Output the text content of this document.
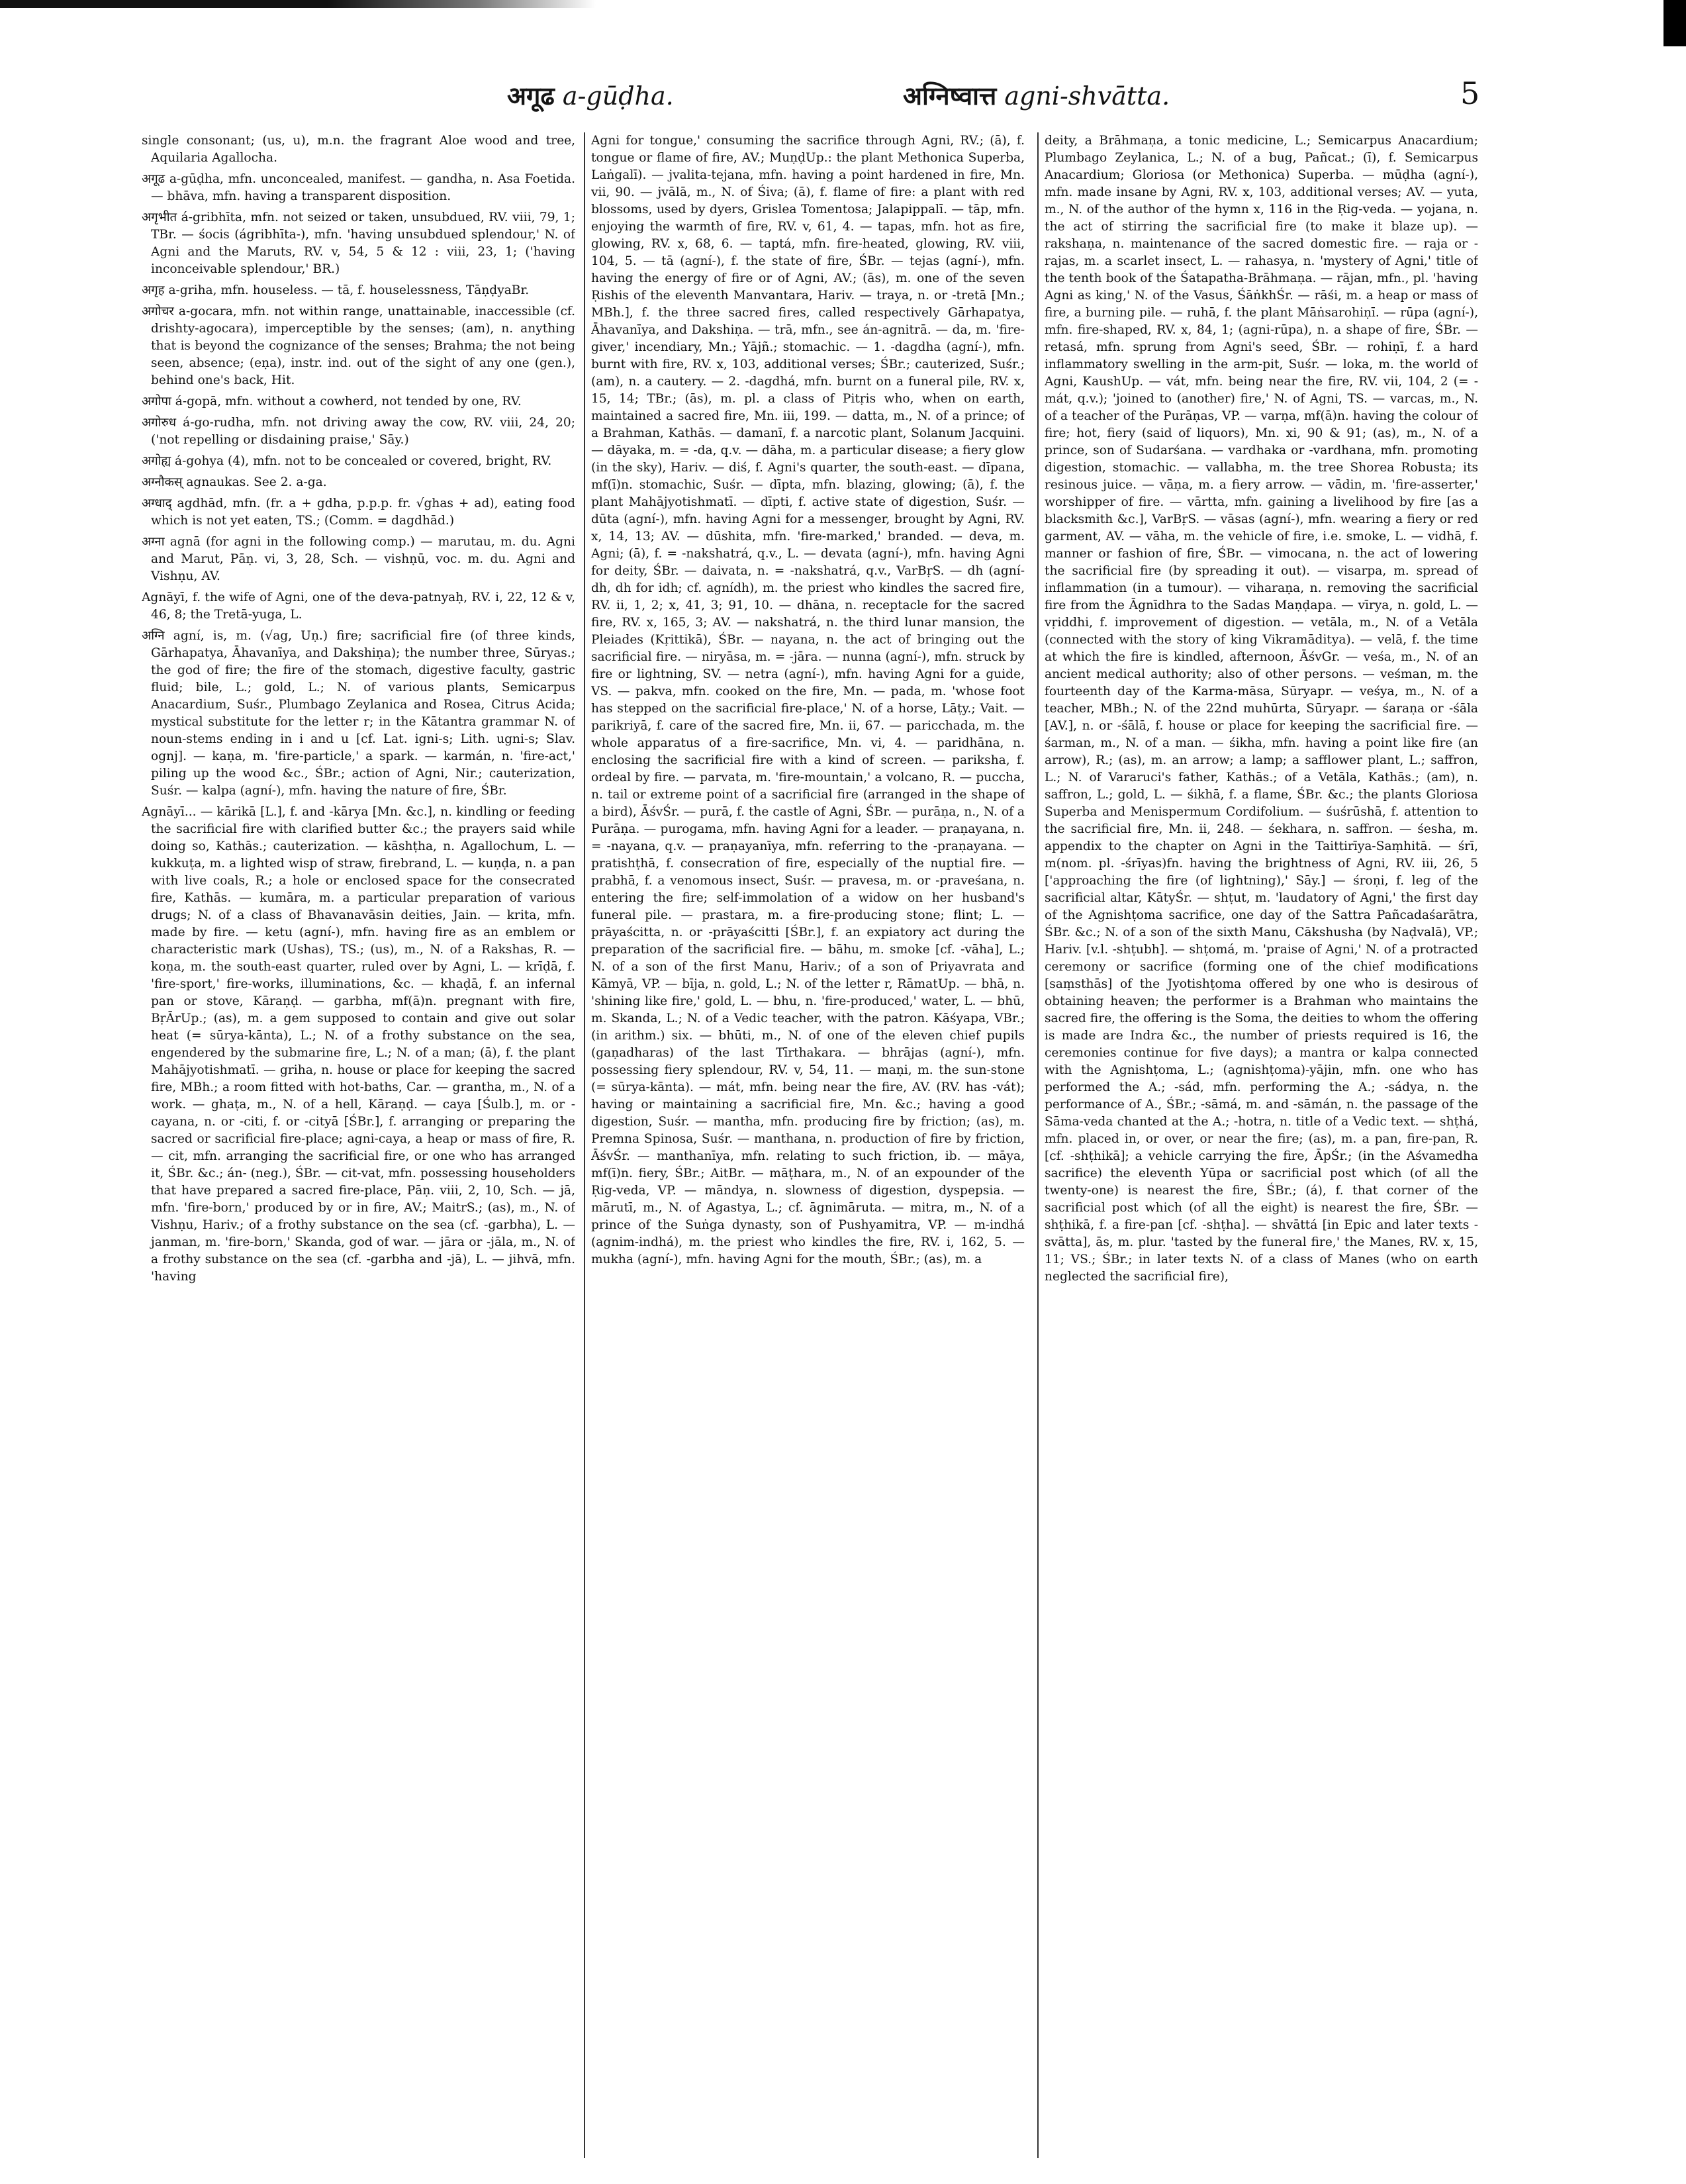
अगूढ a-gūḍha.	अग्निष्वात्त agni-shvātta.	5

single consonant; (us, u), m.n. the fragrant Aloe wood and tree, Aquilaria Agallocha.

अगूढ a-gūḍha, mfn. unconcealed, manifest. — gandha, n. Asa Foetida. — bhāva, mfn. having a transparent disposition.

अगृभीत á-gribhīta, mfn. not seized or taken, unsubdued, RV. viii, 79, 1; TBr. — śocis (ágribhīta-), mfn. 'having unsubdued splendour,' N. of Agni and the Maruts, RV. v, 54, 5 & 12 : viii, 23, 1; ('having inconceivable splendour,' BR.)

अगृह a-griha, mfn. houseless. — tā, f. houselessness, TāṇḍyaBr.

अगोचर a-gocara, mfn. not within range, unattainable, inaccessible (cf. drishty-agocara), imperceptible by the senses; (am), n. anything that is beyond the cognizance of the senses; Brahma; the not being seen, absence; (eṇa), instr. ind. out of the sight of any one (gen.), behind one's back, Hit.

अगोपा á-gopā, mfn. without a cowherd, not tended by one, RV.

अगोरुध á-go-rudha, mfn. not driving away the cow, RV. viii, 24, 20; ('not repelling or disdaining praise,' Sāy.)

अगोह्य á-gohya (4), mfn. not to be concealed or covered, bright, RV.

अग्नौकस् agnaukas. See 2. a-ga.

अग्धाद् agdhād, mfn. (fr. a + gdha, p.p.p. fr. √ghas + ad), eating food which is not yet eaten, TS.; (Comm. = dagdhād.)

अग्ना agnā (for agni in the following comp.) — marutau, m. du. Agni and Marut, Pāṇ. vi, 3, 28, Sch. — vishṇū, voc. m. du. Agni and Vishṇu, AV.

Agnāyī, f. the wife of Agni, one of the deva-patnyaḥ, RV. i, 22, 12 & v, 46, 8; the Tretā-yuga, L.

अग्नि agní, is, m. (√ag, Uṇ.) fire; sacrificial fire (of three kinds, Gārhapatya, Āhavanīya, and Dakshiṇa); the number three, Sūryas.; the god of fire; the fire of the stomach, digestive faculty, gastric fluid; bile, L.; gold, L.; N. of various plants, Semicarpus Anacardium, Suśr., Plumbago Zeylanica and Rosea, Citrus Acida; mystical substitute for the letter r; in the Kātantra grammar N. of noun-stems ending in i and u [cf. Lat. igni-s; Lith. ugni-s; Slav. ognj]. — kaṇa, m. 'fire-particle,' a spark. — karmán, n. 'fire-act,' piling up the wood &c., ŚBr.; action of Agni, Nir.; cauterization, Suśr. — kalpa (agní-), mfn. having the nature of fire, ŚBr.

Agnāyī... — kārikā [L.], f. and -kārya [Mn. &c.], n. kindling or feeding the sacrificial fire with clarified butter &c.; the prayers said while doing so, Kathās.; cauterization. — kāshṭha, n. Agallochum, L. — kukkuṭa, m. a lighted wisp of straw, firebrand, L. — kuṇḍa, n. a pan with live coals, R.; a hole or enclosed space for the consecrated fire, Kathās. — kumāra, m. a particular preparation of various drugs; N. of a class of Bhavanavāsin deities, Jain. — krita, mfn. made by fire. — ketu (agní-), mfn. having fire as an emblem or characteristic mark (Ushas), TS.; (us), m., N. of a Rakshas, R. — koṇa, m. the south-east quarter, ruled over by Agni, L. — krīḍā, f. 'fire-sport,' fire-works, illuminations, &c. — khaḍā, f. an infernal pan or stove, Kāraṇḍ. — garbha, mf(ā)n. pregnant with fire, BṛĀrUp.; (as), m. a gem supposed to contain and give out solar heat (= sūrya-kānta), L.; N. of a frothy substance on the sea, engendered by the submarine fire, L.; N. of a man; (ā), f. the plant Mahājyotishmatī. — griha, n. house or place for keeping the sacred fire, MBh.; a room fitted with hot-baths, Car. — grantha, m., N. of a work. — ghaṭa, m., N. of a hell, Kāraṇḍ. — caya [Śulb.], m. or -cayana, n. or -citi, f. or -cityā [ŚBr.], f. arranging or preparing the sacred or sacrificial fire-place; agni-caya, a heap or mass of fire, R. — cit, mfn. arranging the sacrificial fire, or one who has arranged it, ŚBr. &c.; án- (neg.), ŚBr. — cit-vat, mfn. possessing householders that have prepared a sacred fire-place, Pāṇ. viii, 2, 10, Sch. — jā, mfn. 'fire-born,' produced by or in fire, AV.; MaitrS.; (as), m., N. of Vishṇu, Hariv.; of a frothy substance on the sea (cf. -garbha), L. — janman, m. 'fire-born,' Skanda, god of war. — jāra or -jāla, m., N. of a frothy substance on the sea (cf. -garbha and -jā), L. — jihvā, mfn. 'having

Agni for tongue,' consuming the sacrifice through Agni, RV.; (ā), f. tongue or flame of fire, AV.; MuṇḍUp.: the plant Methonica Superba, Laṅgalī). — jvalita-tejana, mfn. having a point hardened in fire, Mn. vii, 90. — jvālā, m., N. of Śiva; (ā), f. flame of fire: a plant with red blossoms, used by dyers, Grislea Tomentosa; Jalapippalī. — tāp, mfn. enjoying the warmth of fire, RV. v, 61, 4. — tapas, mfn. hot as fire, glowing, RV. x, 68, 6. — taptá, mfn. fire-heated, glowing, RV. viii, 104, 5. — tā (agní-), f. the state of fire, ŚBr. — tejas (agní-), mfn. having the energy of fire or of Agni, AV.; (ās), m. one of the seven Ṛishis of the eleventh Manvantara, Hariv. — traya, n. or -tretā [Mn.; MBh.], f. the three sacred fires, called respectively Gārhapatya, Āhavanīya, and Dakshiṇa. — trā, mfn., see án-agnitrā. — da, m. 'fire-giver,' incendiary, Mn.; Yājñ.; stomachic. — 1. -dagdha (agní-), mfn. burnt with fire, RV. x, 103, additional verses; ŚBr.; cauterized, Suśr.; (am), n. a cautery. — 2. -dagdhá, mfn. burnt on a funeral pile, RV. x, 15, 14; TBr.; (ās), m. pl. a class of Pitṛis who, when on earth, maintained a sacred fire, Mn. iii, 199. — datta, m., N. of a prince; of a Brahman, Kathās. — damanī, f. a narcotic plant, Solanum Jacquini. — dāyaka, m. = -da, q.v. — dāha, m. a particular disease; a fiery glow (in the sky), Hariv. — diś, f. Agni's quarter, the south-east. — dīpana, mf(ī)n. stomachic, Suśr. — dīpta, mfn. blazing, glowing; (ā), f. the plant Mahājyotishmatī. — dīpti, f. active state of digestion, Suśr. — dūta (agní-), mfn. having Agni for a messenger, brought by Agni, RV. x, 14, 13; AV. — dūshita, mfn. 'fire-marked,' branded. — deva, m. Agni; (ā), f. = -nakshatrá, q.v., L. — devata (agní-), mfn. having Agni for deity, ŚBr. — daivata, n. = -nakshatrá, q.v., VarBṛS. — dh (agní-dh, dh for idh; cf. agnídh), m. the priest who kindles the sacred fire, RV. ii, 1, 2; x, 41, 3; 91, 10. — dhāna, n. receptacle for the sacred fire, RV. x, 165, 3; AV. — nakshatrá, n. the third lunar mansion, the Pleiades (Kṛittikā), ŚBr. — nayana, n. the act of bringing out the sacrificial fire. — niryāsa, m. = -jāra. — nunna (agní-), mfn. struck by fire or lightning, SV. — netra (agní-), mfn. having Agni for a guide, VS. — pakva, mfn. cooked on the fire, Mn. — pada, m. 'whose foot has stepped on the sacrificial fire-place,' N. of a horse, Lāṭy.; Vait. — parikriyā, f. care of the sacred fire, Mn. ii, 67. — paricchada, m. the whole apparatus of a fire-sacrifice, Mn. vi, 4. — paridhāna, n. enclosing the sacrificial fire with a kind of screen. — pariksha, f. ordeal by fire. — parvata, m. 'fire-mountain,' a volcano, R. — puccha, n. tail or extreme point of a sacrificial fire (arranged in the shape of a bird), ĀśvŚr. — purā, f. the castle of Agni, ŚBr. — purāṇa, n., N. of a Purāṇa. — purogama, mfn. having Agni for a leader. — praṇayana, n. = -nayana, q.v. — praṇayanīya, mfn. referring to the -praṇayana. — pratishṭhā, f. consecration of fire, especially of the nuptial fire. — prabhā, f. a venomous insect, Suśr. — pravesa, m. or -praveśana, n. entering the fire; self-immolation of a widow on her husband's funeral pile. — prastara, m. a fire-producing stone; flint; L. — prāyaścitta, n. or -prāyaścitti [ŚBr.], f. an expiatory act during the preparation of the sacrificial fire. — bāhu, m. smoke [cf. -vāha], L.; N. of a son of the first Manu, Hariv.; of a son of Priyavrata and Kāmyā, VP. — bīja, n. gold, L.; N. of the letter r, RāmatUp. — bhā, n. 'shining like fire,' gold, L. — bhu, n. 'fire-produced,' water, L. — bhū, m. Skanda, L.; N. of a Vedic teacher, with the patron. Kāśyapa, VBr.; (in arithm.) six. — bhūti, m., N. of one of the eleven chief pupils (gaṇadharas) of the last Tīrthakara. — bhrājas (agní-), mfn. possessing fiery splendour, RV. v, 54, 11. — maṇi, m. the sun-stone (= sūrya-kānta). — mát, mfn. being near the fire, AV. (RV. has -vát); having or maintaining a sacrificial fire, Mn. &c.; having a good digestion, Suśr. — mantha, mfn. producing fire by friction; (as), m. Premna Spinosa, Suśr. — manthana, n. production of fire by friction, ĀśvŚr. — manthanīya, mfn. relating to such friction, ib. — māya, mf(ī)n. fiery, ŚBr.; AitBr. — māṭhara, m., N. of an expounder of the Ṛig-veda, VP. — māndya, n. slowness of digestion, dyspepsia. — mārutī, m., N. of Agastya, L.; cf. āgnimāruta. — mitra, m., N. of a prince of the Suṅga dynasty, son of Pushyamitra, VP. — m-indhá (agnim-indhá), m. the priest who kindles the fire, RV. i, 162, 5. — mukha (agní-), mfn. having Agni for the mouth, ŚBr.; (as), m. a

deity, a Brāhmaṇa, a tonic medicine, L.; Semicarpus Anacardium; Plumbago Zeylanica, L.; N. of a bug, Pañcat.; (ī), f. Semicarpus Anacardium; Gloriosa (or Methonica) Superba. — mūḍha (agní-), mfn. made insane by Agni, RV. x, 103, additional verses; AV. — yuta, m., N. of the author of the hymn x, 116 in the Ṛig-veda. — yojana, n. the act of stirring the sacrificial fire (to make it blaze up). — rakshaṇa, n. maintenance of the sacred domestic fire. — raja or -rajas, m. a scarlet insect, L. — rahasya, n. 'mystery of Agni,' title of the tenth book of the Śatapatha-Brāhmaṇa. — rājan, mfn., pl. 'having Agni as king,' N. of the Vasus, ŚāṅkhŚr. — rāśi, m. a heap or mass of fire, a burning pile. — ruhā, f. the plant Māṅsarohiṇī. — rūpa (agní-), mfn. fire-shaped, RV. x, 84, 1; (agni-rūpa), n. a shape of fire, ŚBr. — retasá, mfn. sprung from Agni's seed, ŚBr. — rohiṇī, f. a hard inflammatory swelling in the arm-pit, Suśr. — loka, m. the world of Agni, KaushUp. — vát, mfn. being near the fire, RV. vii, 104, 2 (= -mát, q.v.); 'joined to (another) fire,' N. of Agni, TS. — varcas, m., N. of a teacher of the Purāṇas, VP. — varṇa, mf(ā)n. having the colour of fire; hot, fiery (said of liquors), Mn. xi, 90 & 91; (as), m., N. of a prince, son of Sudarśana. — vardhaka or -vardhana, mfn. promoting digestion, stomachic. — vallabha, m. the tree Shorea Robusta; its resinous juice. — vāṇa, m. a fiery arrow. — vādin, m. 'fire-asserter,' worshipper of fire. — vārtta, mfn. gaining a livelihood by fire [as a blacksmith &c.], VarBṛS. — vāsas (agní-), mfn. wearing a fiery or red garment, AV. — vāha, m. the vehicle of fire, i.e. smoke, L. — vidhā, f. manner or fashion of fire, ŚBr. — vimocana, n. the act of lowering the sacrificial fire (by spreading it out). — visarpa, m. spread of inflammation (in a tumour). — viharaṇa, n. removing the sacrificial fire from the Āgnīdhra to the Sadas Maṇḍapa. — vīrya, n. gold, L. — vṛiddhi, f. improvement of digestion. — vetāla, m., N. of a Vetāla (connected with the story of king Vikramāditya). — velā, f. the time at which the fire is kindled, afternoon, ĀśvGr. — veśa, m., N. of an ancient medical authority; also of other persons. — veśman, m. the fourteenth day of the Karma-māsa, Sūryapr. — veśya, m., N. of a teacher, MBh.; N. of the 22nd muhūrta, Sūryapr. — śaraṇa or -śāla [AV.], n. or -śālā, f. house or place for keeping the sacrificial fire. — śarman, m., N. of a man. — śikha, mfn. having a point like fire (an arrow), R.; (as), m. an arrow; a lamp; a safflower plant, L.; saffron, L.; N. of Vararuci's father, Kathās.; of a Vetāla, Kathās.; (am), n. saffron, L.; gold, L. — śikhā, f. a flame, ŚBr. &c.; the plants Gloriosa Superba and Menispermum Cordifolium. — śuśrūshā, f. attention to the sacrificial fire, Mn. ii, 248. — śekhara, n. saffron. — śesha, m. appendix to the chapter on Agni in the Taittirīya-Saṃhitā. — śrī, m(nom. pl. -śrīyas)fn. having the brightness of Agni, RV. iii, 26, 5 ['approaching the fire (of lightning),' Sāy.] — śroṇi, f. leg of the sacrificial altar, KātyŚr. — shṭut, m. 'laudatory of Agni,' the first day of the Agnishṭoma sacrifice, one day of the Sattra Pañcadaśarātra, ŚBr. &c.; N. of a son of the sixth Manu, Cākshusha (by Naḍvalā), VP.; Hariv. [v.l. -shṭubh]. — shṭomá, m. 'praise of Agni,' N. of a protracted ceremony or sacrifice (forming one of the chief modifications [saṃsthās] of the Jyotishṭoma offered by one who is desirous of obtaining heaven; the performer is a Brahman who maintains the sacred fire, the offering is the Soma, the deities to whom the offering is made are Indra &c., the number of priests required is 16, the ceremonies continue for five days); a mantra or kalpa connected with the Agnishṭoma, L.; (agnishṭoma)-yājin, mfn. one who has performed the A.; -sád, mfn. performing the A.; -sádya, n. the performance of A., ŚBr.; -sāmá, m. and -sāmán, n. the passage of the Sāma-veda chanted at the A.; -hotra, n. title of a Vedic text. — shṭhá, mfn. placed in, or over, or near the fire; (as), m. a pan, fire-pan, R. [cf. -shṭhikā]; a vehicle carrying the fire, ĀpŚr.; (in the Aśvamedha sacrifice) the eleventh Yūpa or sacrificial post which (of all the twenty-one) is nearest the fire, ŚBr.; (á), f. that corner of the sacrificial post which (of all the eight) is nearest the fire, ŚBr. — shṭhikā, f. a fire-pan [cf. -shṭha]. — shvāttá [in Epic and later texts -svātta], ās, m. plur. 'tasted by the funeral fire,' the Manes, RV. x, 15, 11; VS.; ŚBr.; in later texts N. of a class of Manes (who on earth neglected the sacrificial fire),
